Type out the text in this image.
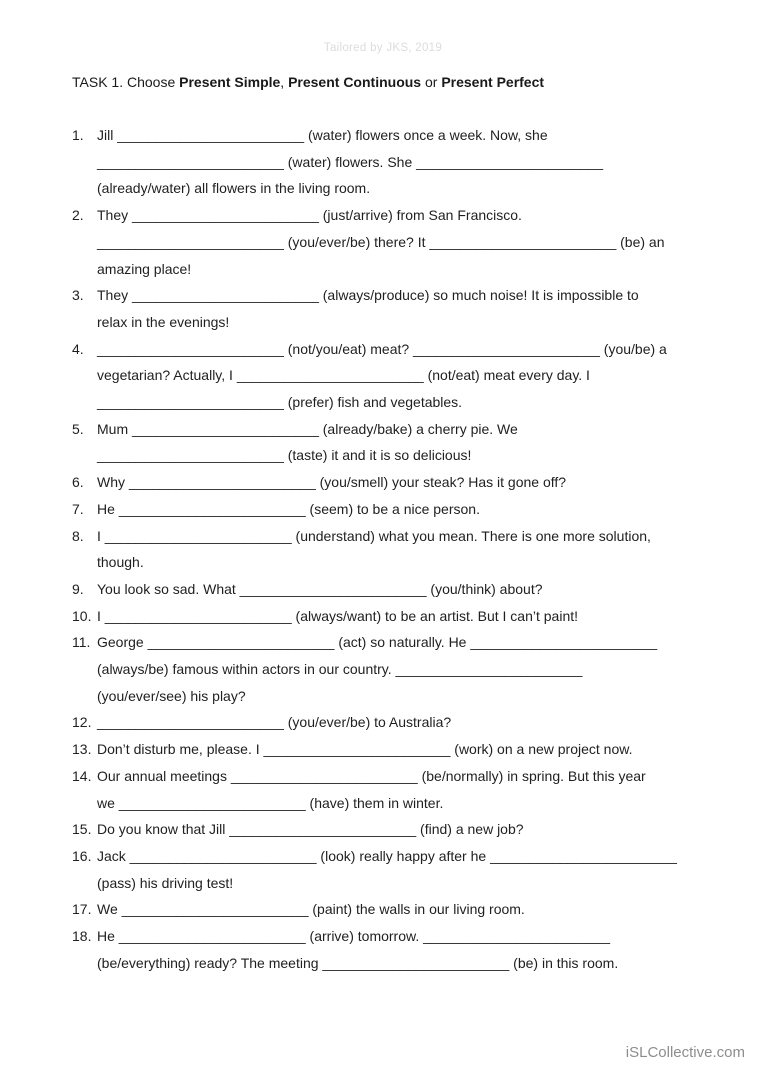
Tailored by JKS, 2019
TASK 1. Choose Present Simple, Present Continuous or Present Perfect
1. Jill ________________________ (water) flowers once a week. Now, she
________________________ (water) flowers. She ________________________
(already/water) all flowers in the living room.
2. They ________________________ (just/arrive) from San Francisco.
________________________ (you/ever/be) there? It ________________________ (be) an
amazing place!
3. They ________________________ (always/produce) so much noise! It is impossible to
relax in the evenings!
4. ________________________ (not/you/eat) meat? ________________________ (you/be) a
vegetarian? Actually, I ________________________ (not/eat) meat every day. I
________________________ (prefer) fish and vegetables.
5. Mum ________________________ (already/bake) a cherry pie. We
________________________ (taste) it and it is so delicious!
6. Why ________________________ (you/smell) your steak? Has it gone off?
7. He ________________________ (seem) to be a nice person.
8. I ________________________ (understand) what you mean. There is one more solution,
though.
9. You look so sad. What ________________________ (you/think) about?
10. I ________________________ (always/want) to be an artist. But I can’t paint!
11. George ________________________ (act) so naturally. He ________________________
(always/be) famous within actors in our country. ________________________
(you/ever/see) his play?
12. ________________________ (you/ever/be) to Australia?
13. Don’t disturb me, please. I ________________________ (work) on a new project now.
14. Our annual meetings ________________________ (be/normally) in spring. But this year
we ________________________ (have) them in winter.
15. Do you know that Jill ________________________ (find) a new job?
16. Jack ________________________ (look) really happy after he ________________________
(pass) his driving test!
17. We ________________________ (paint) the walls in our living room.
18. He ________________________ (arrive) tomorrow. ________________________
(be/everything) ready? The meeting ________________________ (be) in this room.
iSLCollective.com
